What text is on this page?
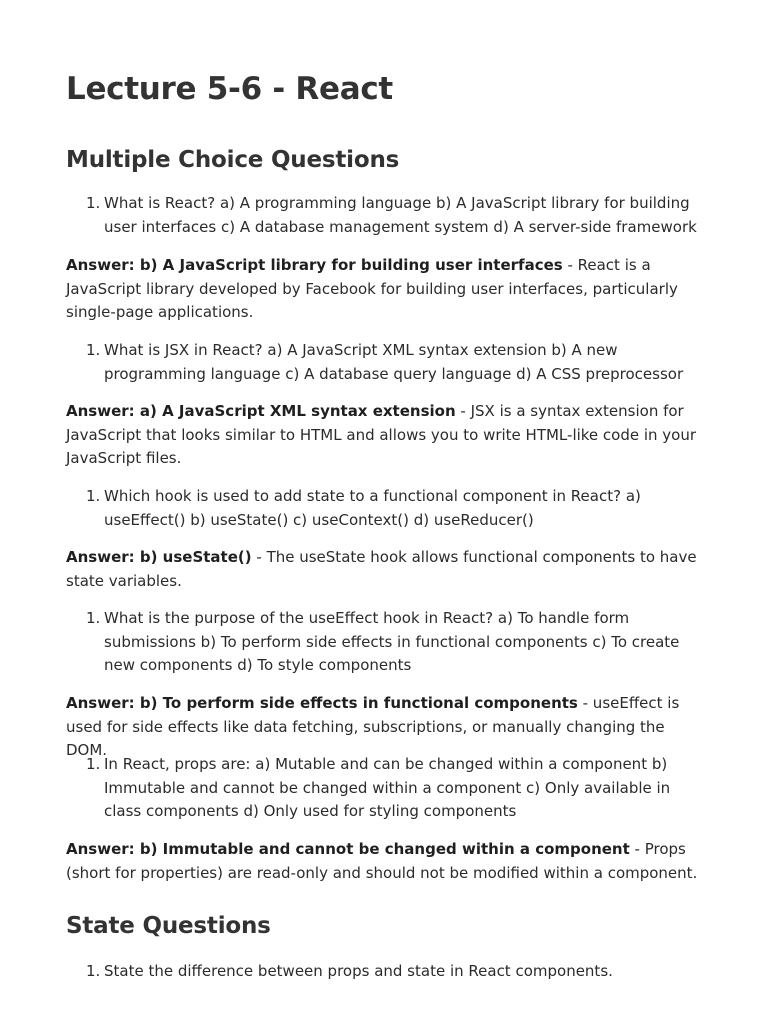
Lecture 5-6 - React
Multiple Choice Questions
1. What is React? a) A programming language b) A JavaScript library for building user interfaces c) A database management system d) A server-side framework
Answer: b) A JavaScript library for building user interfaces - React is a JavaScript library developed by Facebook for building user interfaces, particularly single-page applications.
1. What is JSX in React? a) A JavaScript XML syntax extension b) A new programming language c) A database query language d) A CSS preprocessor
Answer: a) A JavaScript XML syntax extension - JSX is a syntax extension for JavaScript that looks similar to HTML and allows you to write HTML-like code in your JavaScript files.
1. Which hook is used to add state to a functional component in React? a) useEffect() b) useState() c) useContext() d) useReducer()
Answer: b) useState() - The useState hook allows functional components to have state variables.
1. What is the purpose of the useEffect hook in React? a) To handle form submissions b) To perform side effects in functional components c) To create new components d) To style components
Answer: b) To perform side effects in functional components - useEffect is used for side effects like data fetching, subscriptions, or manually changing the DOM.
1. In React, props are: a) Mutable and can be changed within a component b) Immutable and cannot be changed within a component c) Only available in class components d) Only used for styling components
Answer: b) Immutable and cannot be changed within a component - Props (short for properties) are read-only and should not be modified within a component.
State Questions
1. State the difference between props and state in React components.
